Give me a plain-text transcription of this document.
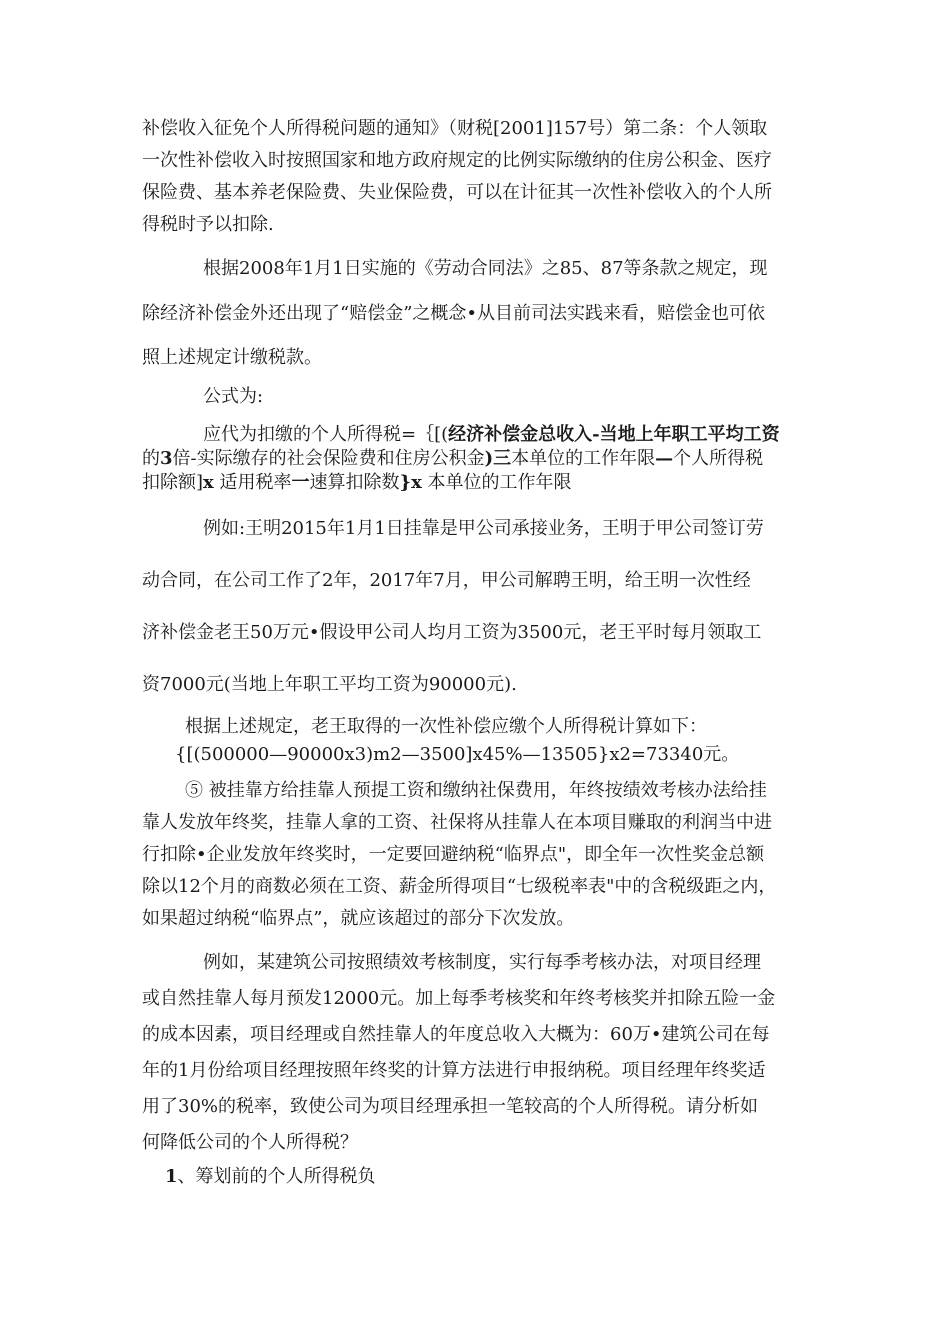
补偿收入征免个人所得税问题的通知》（财税[2001]157号）第二条：个人领取
一次性补偿收入时按照国家和地方政府规定的比例实际缴纳的住房公积金、医疗
保险费、基本养老保险费、失业保险费，可以在计征其一次性补偿收入的个人所
得税时予以扣除.
根据2008年1月1日实施的《劳动合同法》之85、87等条款之规定，现
除经济补偿金外还出现了“赔偿金”之概念•从目前司法实践来看，赔偿金也可依
照上述规定计缴税款。
公式为:
应代为扣缴的个人所得税=｛[(经济补偿金总收入-当地上年职工平均工资
的3倍-实际缴存的社会保险费和住房公积金)三本单位的工作年限—个人所得税
扣除额]x 适用税率一速算扣除数}x 本单位的工作年限
例如:王明2015年1月1日挂靠是甲公司承接业务，王明于甲公司签订劳
动合同，在公司工作了2年，2017年7月，甲公司解聘王明，给王明一次性经
济补偿金老王50万元•假设甲公司人均月工资为3500元，老王平时每月领取工
资7000元(当地上年职工平均工资为90000元).
根据上述规定，老王取得的一次性补偿应缴个人所得税计算如下：
{[(500000—90000x3)m2—3500]x45%—13505}x2=73340元。
⑤ 被挂靠方给挂靠人预提工资和缴纳社保费用，年终按绩效考核办法给挂
靠人发放年终奖，挂靠人拿的工资、社保将从挂靠人在本项目赚取的利润当中进
行扣除•企业发放年终奖时，一定要回避纳税“临界点"，即全年一次性奖金总额
除以12个月的商数必须在工资、薪金所得项目“七级税率表"中的含税级距之内，
如果超过纳税“临界点”，就应该超过的部分下次发放。
例如，某建筑公司按照绩效考核制度，实行每季考核办法，对项目经理
或自然挂靠人每月预发12000元。加上每季考核奖和年终考核奖并扣除五险一金
的成本因素，项目经理或自然挂靠人的年度总收入大概为：60万•建筑公司在每
年的1月份给项目经理按照年终奖的计算方法进行申报纳税。项目经理年终奖适
用了30%的税率，致使公司为项目经理承担一笔较高的个人所得税。请分析如
何降低公司的个人所得税？
1、筹划前的个人所得税负
